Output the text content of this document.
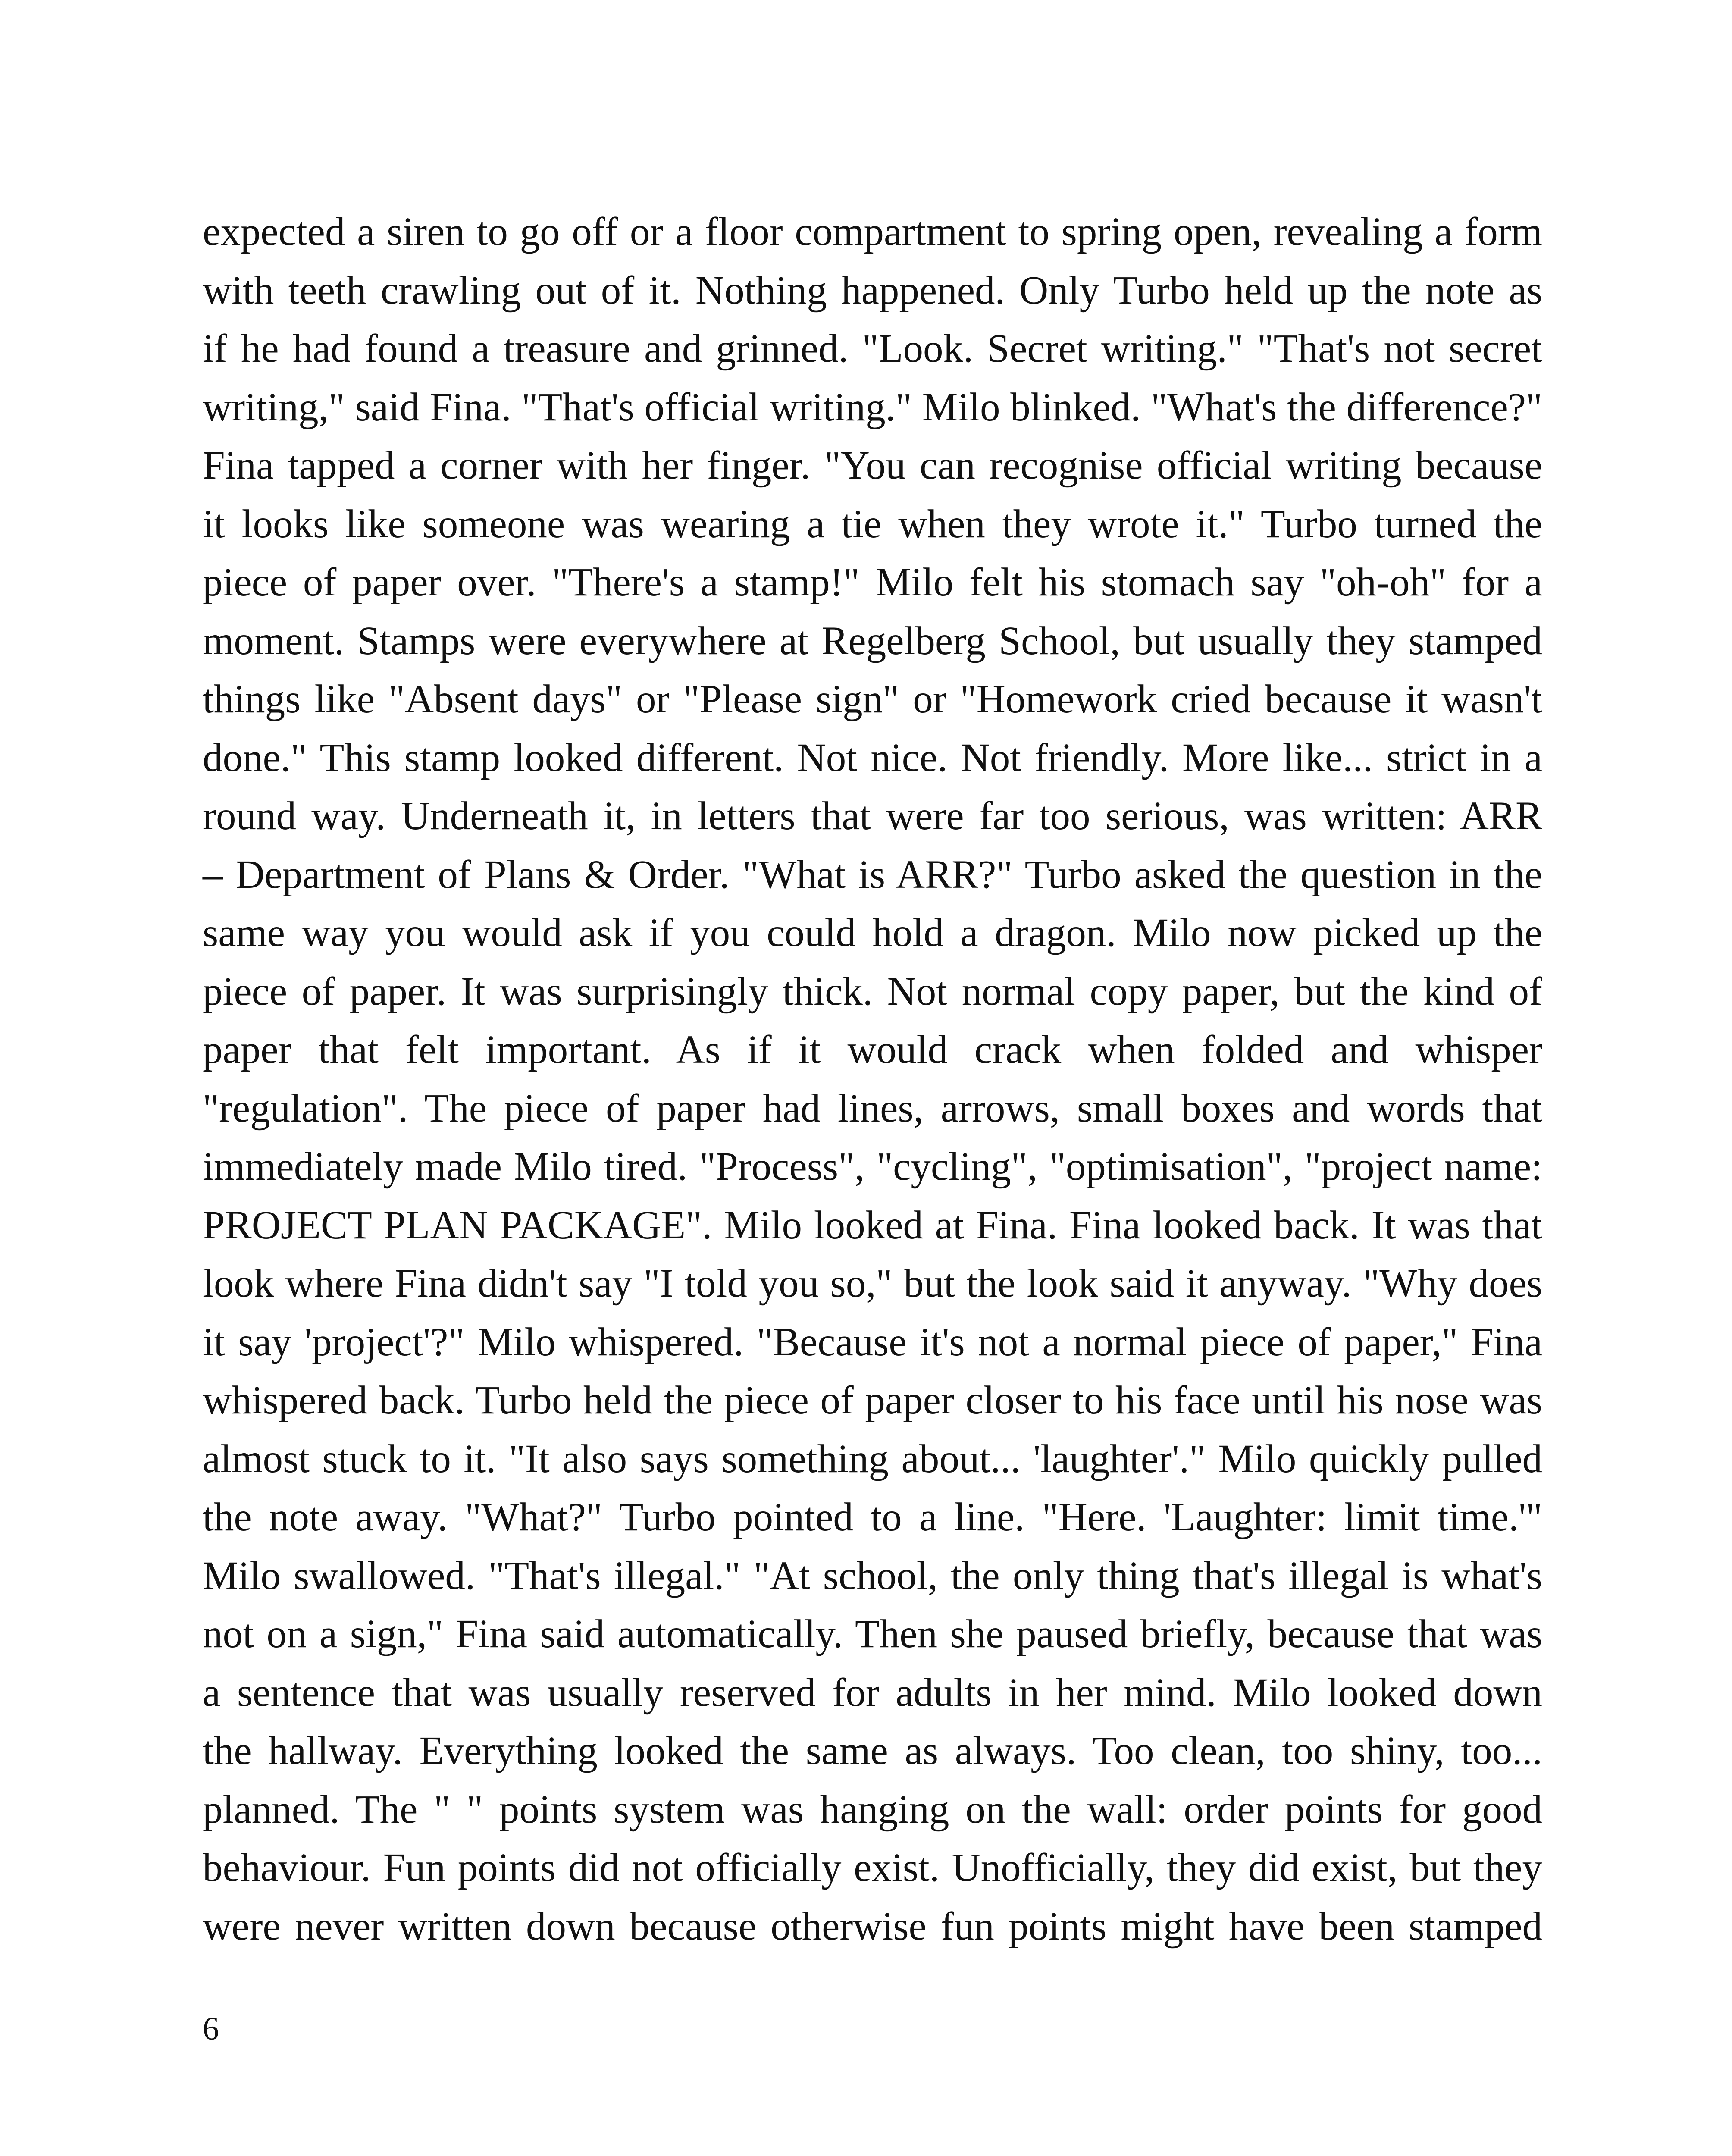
expected a siren to go off or a floor compartment to spring open, revealing a form
with teeth crawling out of it. Nothing happened. Only Turbo held up the note as
if he had found a treasure and grinned. "Look. Secret writing." "That's not secret
writing," said Fina. "That's official writing." Milo blinked. "What's the difference?"
Fina tapped a corner with her finger. "You can recognise official writing because
it looks like someone was wearing a tie when they wrote it." Turbo turned the
piece of paper over. "There's a stamp!" Milo felt his stomach say "oh-oh" for a
moment. Stamps were everywhere at Regelberg School, but usually they stamped
things like "Absent days" or "Please sign" or "Homework cried because it wasn't
done." This stamp looked different. Not nice. Not friendly. More like... strict in a
round way. Underneath it, in letters that were far too serious, was written: ARR
– Department of Plans & Order. "What is ARR?" Turbo asked the question in the
same way you would ask if you could hold a dragon. Milo now picked up the
piece of paper. It was surprisingly thick. Not normal copy paper, but the kind of
paper that felt important. As if it would crack when folded and whisper
"regulation". The piece of paper had lines, arrows, small boxes and words that
immediately made Milo tired. "Process", "cycling", "optimisation", "project name:
PROJECT PLAN PACKAGE". Milo looked at Fina. Fina looked back. It was that
look where Fina didn't say "I told you so," but the look said it anyway. "Why does
it say 'project'?" Milo whispered. "Because it's not a normal piece of paper," Fina
whispered back. Turbo held the piece of paper closer to his face until his nose was
almost stuck to it. "It also says something about... 'laughter'." Milo quickly pulled
the note away. "What?" Turbo pointed to a line. "Here. 'Laughter: limit time.'"
Milo swallowed. "That's illegal." "At school, the only thing that's illegal is what's
not on a sign," Fina said automatically. Then she paused briefly, because that was
a sentence that was usually reserved for adults in her mind. Milo looked down
the hallway. Everything looked the same as always. Too clean, too shiny, too...
planned. The " " points system was hanging on the wall: order points for good
behaviour. Fun points did not officially exist. Unofficially, they did exist, but they
were never written down because otherwise fun points might have been stamped

6
